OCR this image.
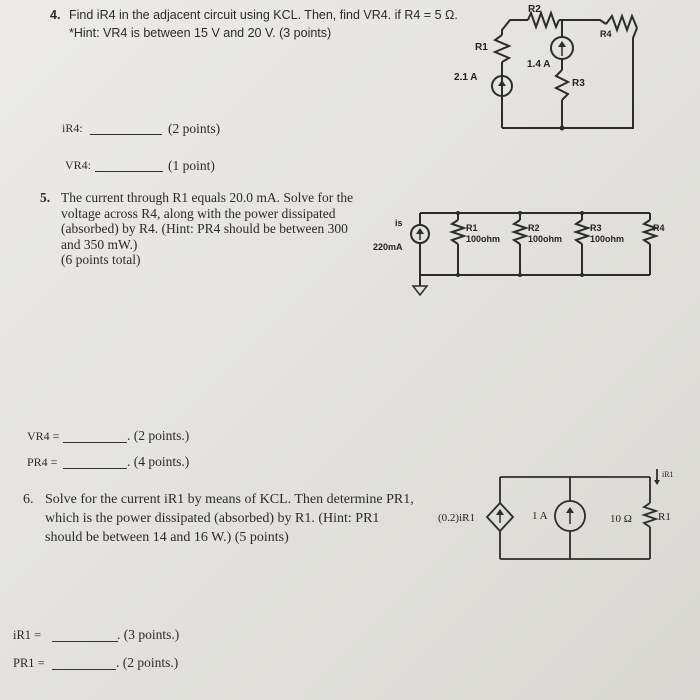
4. Find iR4 in the adjacent circuit using KCL. Then, find VR4. if R4 = 5 Ω.
*Hint: VR4 is between 15 V and 20 V. (3 points)
iR4:	(2 points)
VR4:	(1 point)
R2
R1
R4
R3
2.1 A
1.4 A
5. The current through R1 equals 20.0 mA. Solve for the voltage across R4, along with the power dissipated (absorbed) by R4. (Hint: PR4 should be between 300 and 350 mW.)
(6 points total)
VR4 =	. (2 points.)
PR4 =	. (4 points.)
is
220mA
R1
100ohm
R2
100ohm
R3
100ohm
R4
6. Solve for the current iR1 by means of KCL. Then determine PR1, which is the power dissipated (absorbed) by R1. (Hint: PR1 should be between 14 and 16 W.) (5 points)
iR1 =	. (3 points.)
PR1 =	. (2 points.)
(0.2)iR1	1 A	10 Ω R1
iR1
